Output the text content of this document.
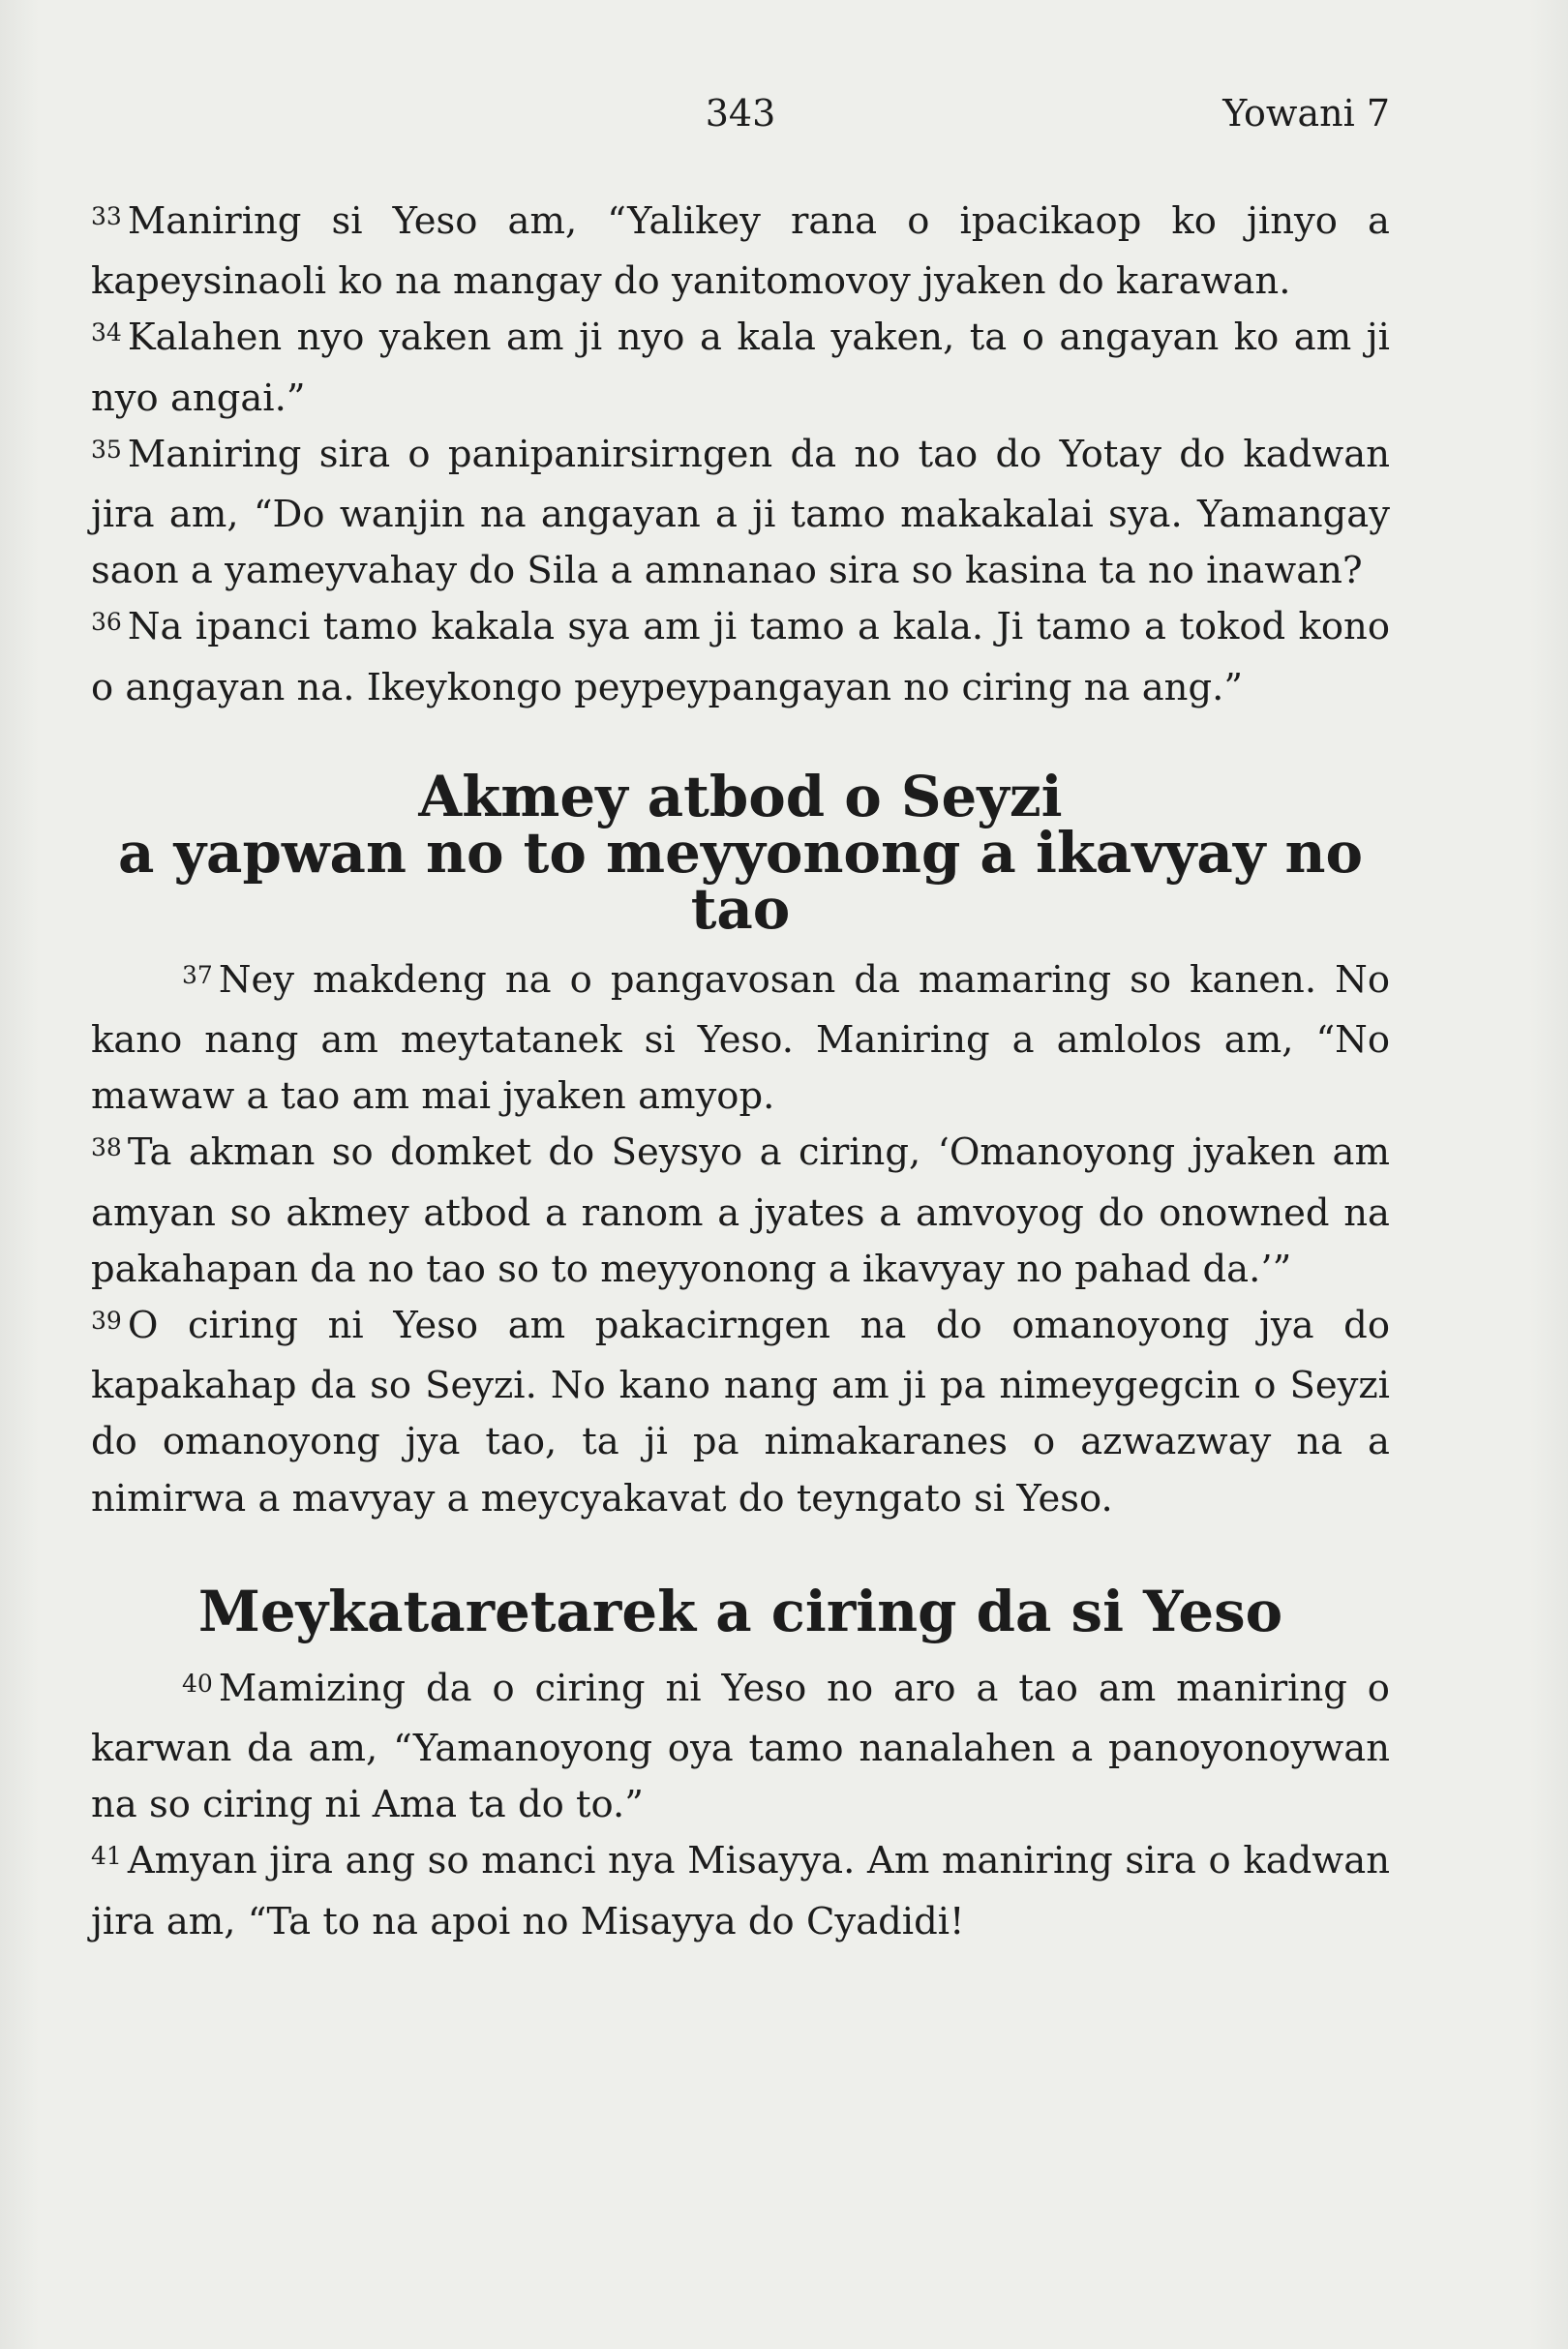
343	Yowani 7

$^{33}$ Maniring si Yeso am, “Yalikey rana o ipacikaop ko jinyo a kapeysinaoli ko na mangay do yanitomovoy jyaken do karawan.

$^{34}$ Kalahen nyo yaken am ji nyo a kala yaken, ta o angayan ko am ji nyo angai.”

$^{35}$ Maniring sira o panipanirsirngen da no tao do Yotay do kadwan jira am, “Do wanjin na angayan a ji tamo makakalai sya. Yamangay saon a yameyvahay do Sila a amnanao sira so kasina ta no inawan?

$^{36}$ Na ipanci tamo kakala sya am ji tamo a kala. Ji tamo a tokod kono o angayan na. Ikeykongo peypeypangayan no ciring na ang.”

Akmey atbod o Seyzi
a yapwan no to meyyonong a ikavyay no tao

$^{37}$ Ney makdeng na o pangavosan da mamaring so kanen. No kano nang am meytatanek si Yeso. Maniring a amlolos am, “No mawaw a tao am mai jyaken amyop.

$^{38}$ Ta akman so domket do Seysyo a ciring, ‘Omanoyong jyaken am amyan so akmey atbod a ranom a jyates a amvoyog do onowned na pakahapan da no tao so to meyyonong a ikavyay no pahad da.’”

$^{39}$ O ciring ni Yeso am pakacirngen na do omanoyong jya do kapakahap da so Seyzi. No kano nang am ji pa nimeygegcin o Seyzi do omanoyong jya tao, ta ji pa nimakaranes o azwazway na a nimirwa a mavyay a meycyakavat do teyngato si Yeso.

Meykataretarek a ciring da si Yeso

$^{40}$ Mamizing da o ciring ni Yeso no aro a tao am maniring o karwan da am, “Yamanoyong oya tamo nanalahen a panoyonoywan na so ciring ni Ama ta do to.”

$^{41}$ Amyan jira ang so manci nya Misayya. Am maniring sira o kadwan jira am, “Ta to na apoi no Misayya do Cyadidi!
